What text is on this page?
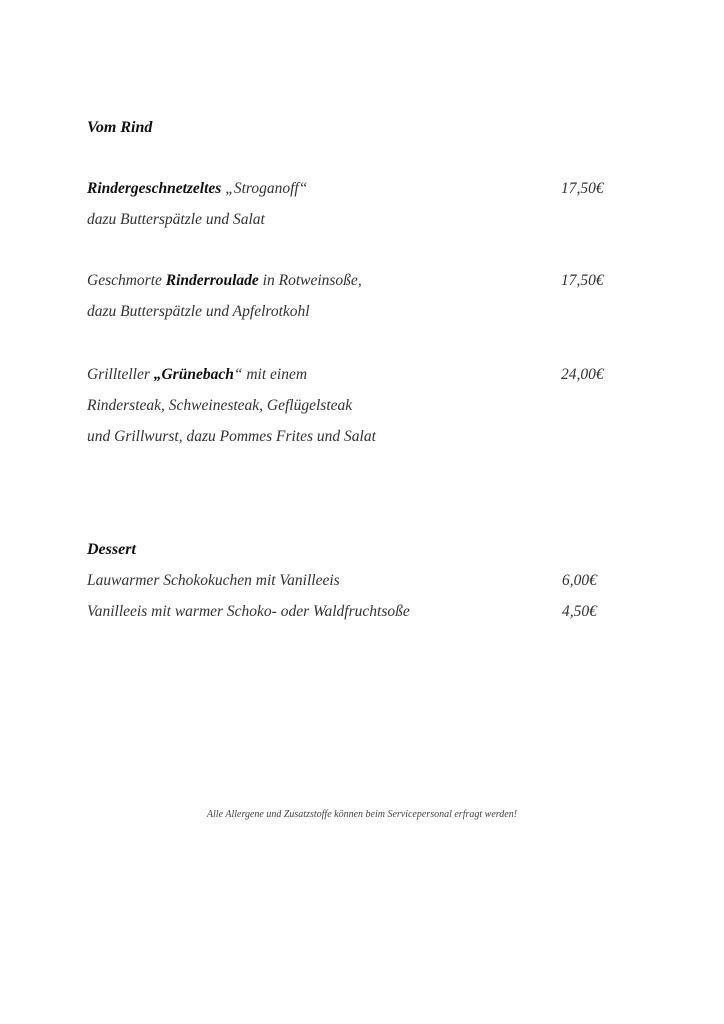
Vom Rind
Rindergeschnetzeltes „Stroganoff“	17,50€
dazu Butterspätzle und Salat
Geschmorte Rinderroulade in Rotweinsoße,	17,50€
dazu Butterspätzle und Apfelrotkohl
Grillteller „Grünebach“ mit einem	24,00€
Rindersteak, Schweinesteak, Geflügelsteak
und Grillwurst, dazu Pommes Frites und Salat
Dessert
Lauwarmer Schokokuchen mit Vanilleeis	6,00€
Vanilleeis mit warmer Schoko- oder Waldfruchtsoße	4,50€
Alle Allergene und Zusatzstoffe können beim Servicepersonal erfragt werden!
